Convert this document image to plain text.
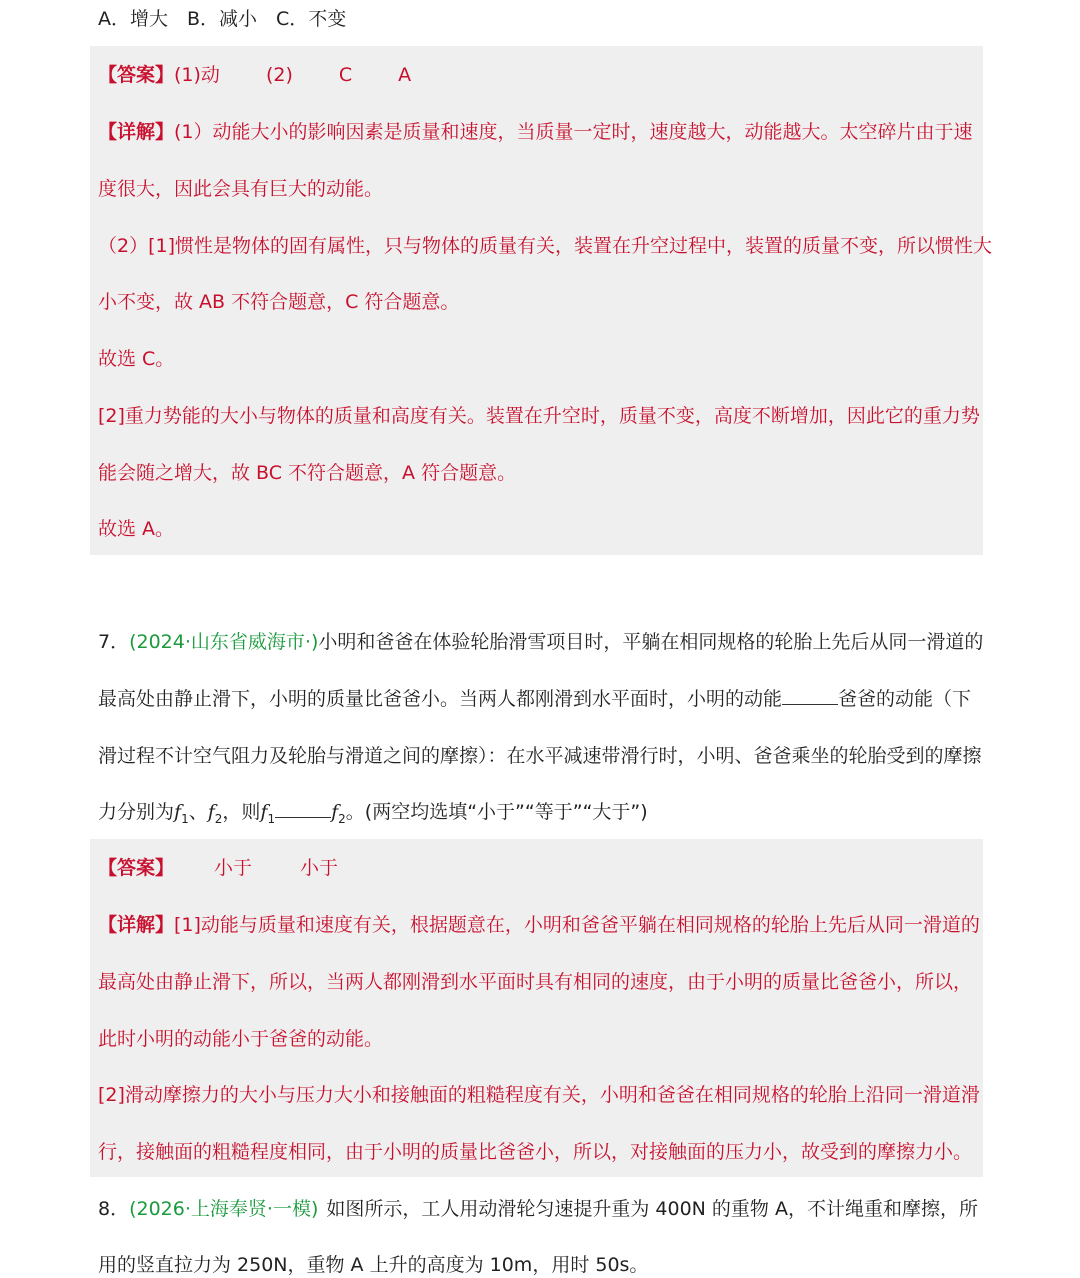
A．增大　B．减小　C．不变
【答案】(1)动 (2) C A
【详解】(1）动能大小的影响因素是质量和速度，当质量一定时，速度越大，动能越大。太空碎片由于速
度很大，因此会具有巨大的动能。
（2）[1]惯性是物体的固有属性，只与物体的质量有关，装置在升空过程中，装置的质量不变，所以惯性大
小不变，故 AB 不符合题意，C 符合题意。
故选 C。
[2]重力势能的大小与物体的质量和高度有关。装置在升空时，质量不变，高度不断增加，因此它的重力势
能会随之增大，故 BC 不符合题意，A 符合题意。
故选 A。
7．(2024·山东省威海市·)小明和爸爸在体验轮胎滑雪项目时，平躺在相同规格的轮胎上先后从同一滑道的
最高处由静止滑下，小明的质量比爸爸小。当两人都刚滑到水平面时，小明的动能	爸爸的动能（下
滑过程不计空气阻力及轮胎与滑道之间的摩擦）：在水平减速带滑行时，小明、爸爸乘坐的轮胎受到的摩擦
力分别为$f_1$、$f_2$，则$f_1$	$f_2$。(两空均选填“小于”“等于”“大于”)
【答案】 小于	小于
【详解】[1]动能与质量和速度有关，根据题意在，小明和爸爸平躺在相同规格的轮胎上先后从同一滑道的
最高处由静止滑下，所以，当两人都刚滑到水平面时具有相同的速度，由于小明的质量比爸爸小，所以，
此时小明的动能小于爸爸的动能。
[2]滑动摩擦力的大小与压力大小和接触面的粗糙程度有关，小明和爸爸在相同规格的轮胎上沿同一滑道滑
行，接触面的粗糙程度相同，由于小明的质量比爸爸小，所以，对接触面的压力小，故受到的摩擦力小。
8．(2026·上海奉贤·一模) 如图所示，工人用动滑轮匀速提升重为 400N 的重物 A，不计绳重和摩擦，所
用的竖直拉力为 250N，重物 A 上升的高度为 10m，用时 50s。
